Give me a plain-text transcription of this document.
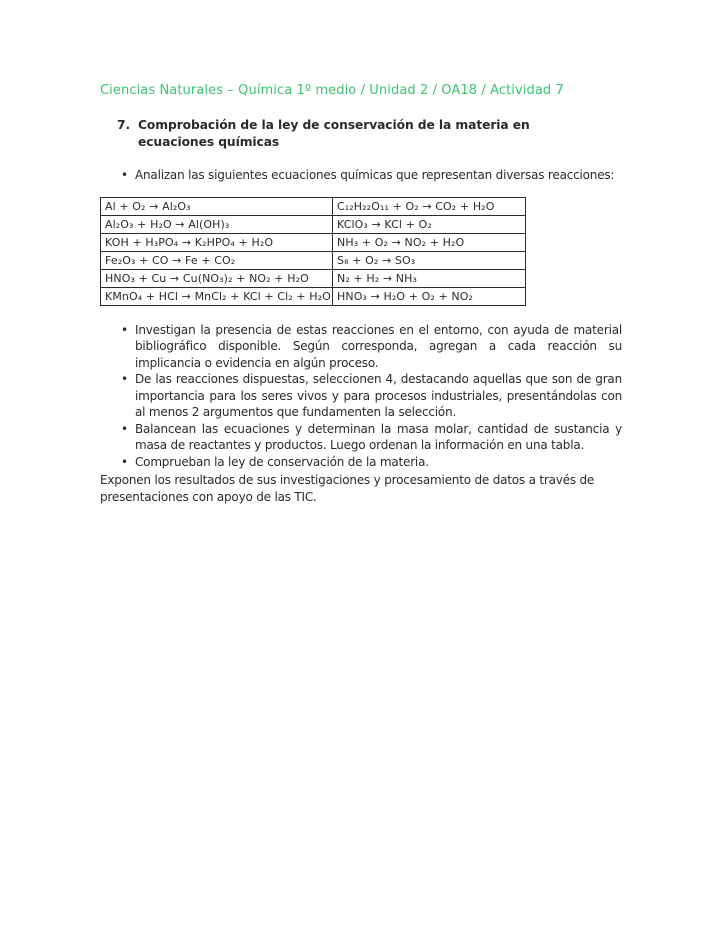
Ciencias Naturales – Química 1º medio / Unidad 2 / OA18 / Actividad 7
7. Comprobación de la ley de conservación de la materia en ecuaciones químicas
• Analizan las siguientes ecuaciones químicas que representan diversas reacciones:
Al + O₂ → Al₂O₃	C₁₂H₂₂O₁₁ + O₂ → CO₂ + H₂O
Al₂O₃ + H₂O → Al(OH)₃	KClO₃ → KCl + O₂
KOH + H₃PO₄ → K₂HPO₄ + H₂O	NH₃ + O₂ → NO₂ + H₂O
Fe₂O₃ + CO → Fe + CO₂	S₈ + O₂ → SO₃
HNO₃ + Cu → Cu(NO₃)₂ + NO₂ + H₂O	N₂ + H₂ → NH₃
KMnO₄ + HCl → MnCl₂ + KCl + Cl₂ + H₂O	HNO₃ → H₂O + O₂ + NO₂
• Investigan la presencia de estas reacciones en el entorno, con ayuda de material bibliográfico disponible. Según corresponda, agregan a cada reacción su implicancia o evidencia en algún proceso.
• De las reacciones dispuestas, seleccionen 4, destacando aquellas que son de gran importancia para los seres vivos y para procesos industriales, presentándolas con al menos 2 argumentos que fundamenten la selección.
• Balancean las ecuaciones y determinan la masa molar, cantidad de sustancia y masa de reactantes y productos. Luego ordenan la información en una tabla.
• Comprueban la ley de conservación de la materia.

Exponen los resultados de sus investigaciones y procesamiento de datos a través de presentaciones con apoyo de las TIC.
